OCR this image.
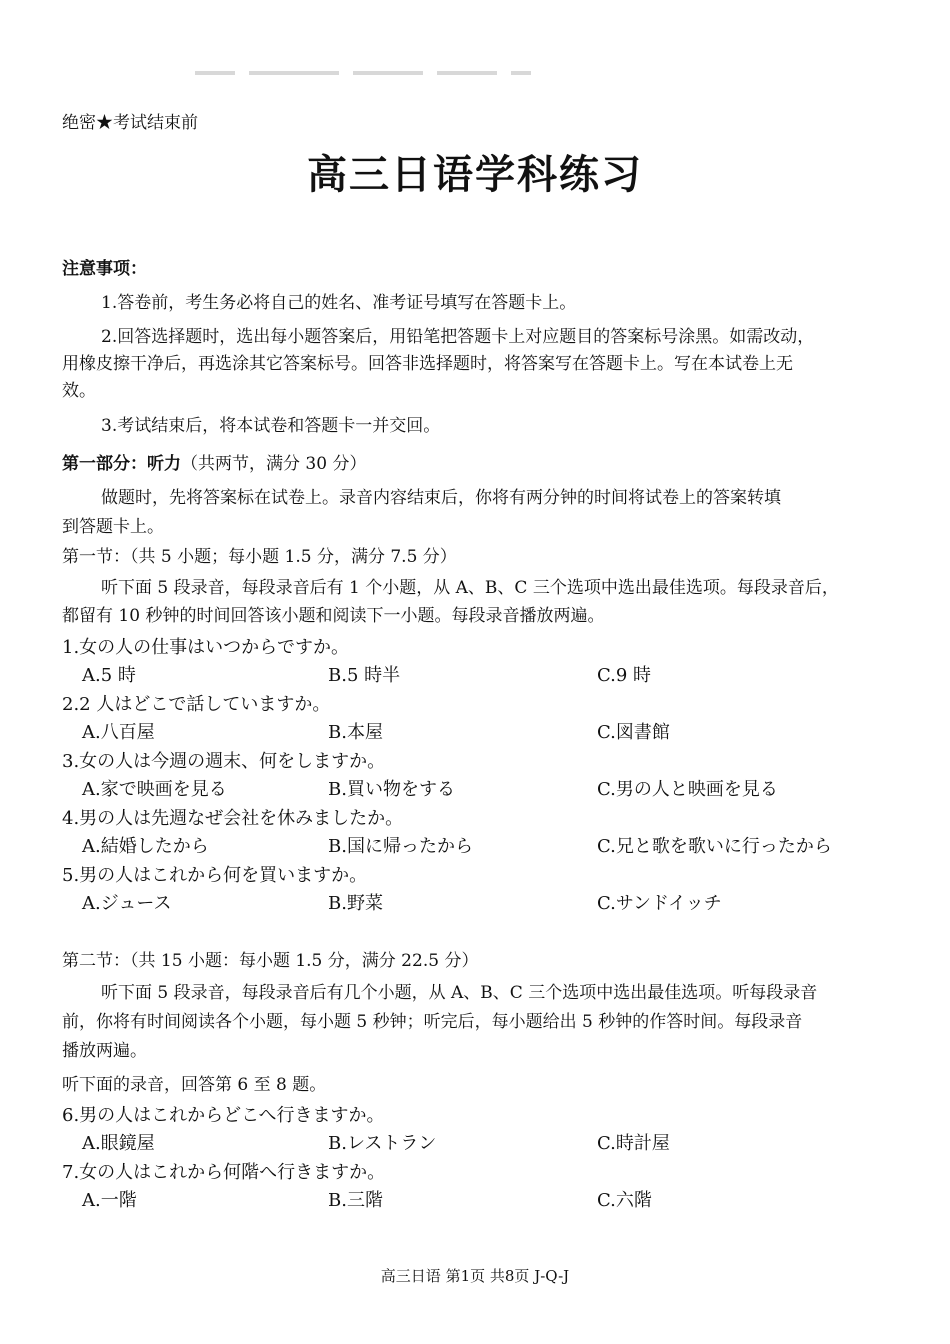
绝密★考试结束前
高三日语学科练习
注意事项：
1.答卷前，考生务必将自己的姓名、准考证号填写在答题卡上。
2.回答选择题时，选出每小题答案后，用铅笔把答题卡上对应题目的答案标号涂黑。如需改动，
用橡皮擦干净后，再选涂其它答案标号。回答非选择题时，将答案写在答题卡上。写在本试卷上无
效。
3.考试结束后，将本试卷和答题卡一并交回。
第一部分：听力（共两节，满分 30 分）
做题时，先将答案标在试卷上。录音内容结束后，你将有两分钟的时间将试卷上的答案转填
到答题卡上。
第一节：（共 5 小题；每小题 1.5 分，满分 7.5 分）
听下面 5 段录音，每段录音后有 1 个小题，从 A、B、C 三个选项中选出最佳选项。每段录音后，
都留有 10 秒钟的时间回答该小题和阅读下一小题。每段录音播放两遍。
1.女の人の仕事はいつからですか。
A.5 時	B.5 時半	C.9 時
2.2 人はどこで話していますか。
A.八百屋	B.本屋	C.図書館
3.女の人は今週の週末、何をしますか。
A.家で映画を見る	B.買い物をする	C.男の人と映画を見る
4.男の人は先週なぜ会社を休みましたか。
A.結婚したから	B.国に帰ったから	C.兄と歌を歌いに行ったから
5.男の人はこれから何を買いますか。
A.ジュース	B.野菜	C.サンドイッチ
第二节：（共 15 小题：每小题 1.5 分，满分 22.5 分）
听下面 5 段录音，每段录音后有几个小题，从 A、B、C 三个选项中选出最佳选项。听每段录音
前，你将有时间阅读各个小题，每小题 5 秒钟；听完后，每小题给出 5 秒钟的作答时间。每段录音
播放两遍。
听下面的录音，回答第 6 至 8 题。
6.男の人はこれからどこへ行きますか。
A.眼鏡屋	B.レストラン	C.時計屋
7.女の人はこれから何階へ行きますか。
A.一階	B.三階	C.六階
高三日语 第1页 共8页 J-Q-J
